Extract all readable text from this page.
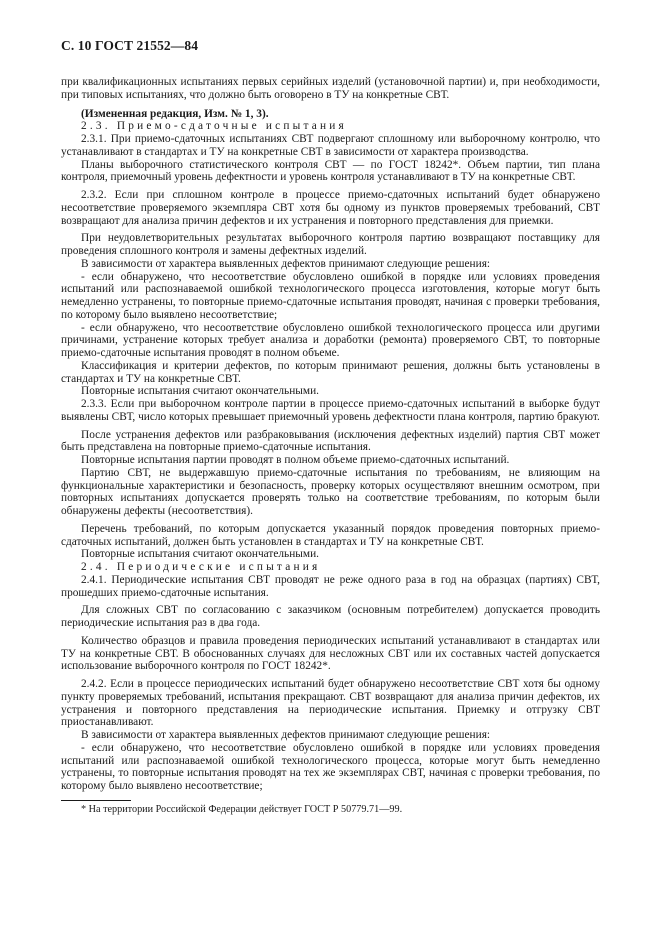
С. 10 ГОСТ 21552—84

при квалификационных испытаниях первых серийных изделий (установочной партии) и, при необходимости, при типовых испытаниях, что должно быть оговорено в ТУ на конкретные СВТ.

(Измененная редакция, Изм. № 1, 3).

2.3. Приемо-сдаточные испытания

2.3.1. При приемо-сдаточных испытаниях СВТ подвергают сплошному или выборочному контролю, что устанавливают в стандартах и ТУ на конкретные СВТ в зависимости от характера производства.

Планы выборочного статистического контроля СВТ — по ГОСТ 18242*. Объем партии, тип плана контроля, приемочный уровень дефектности и уровень контроля устанавливают в ТУ на конкретные СВТ.

2.3.2. Если при сплошном контроле в процессе приемо-сдаточных испытаний будет обнаружено несоответствие проверяемого экземпляра СВТ хотя бы одному из пунктов проверяемых требований, СВТ возвращают для анализа причин дефектов и их устранения и повторного представления для приемки.

При неудовлетворительных результатах выборочного контроля партию возвращают поставщику для проведения сплошного контроля и замены дефектных изделий.

В зависимости от характера выявленных дефектов принимают следующие решения:

- если обнаружено, что несоответствие обусловлено ошибкой в порядке или условиях проведения испытаний или распознаваемой ошибкой технологического процесса изготовления, которые могут быть немедленно устранены, то повторные приемо-сдаточные испытания проводят, начиная с проверки требования, по которому было выявлено несоответствие;

- если обнаружено, что несоответствие обусловлено ошибкой технологического процесса или другими причинами, устранение которых требует анализа и доработки (ремонта) проверяемого СВТ, то повторные приемо-сдаточные испытания проводят в полном объеме.

Классификация и критерии дефектов, по которым принимают решения, должны быть установлены в стандартах и ТУ на конкретные СВТ.

Повторные испытания считают окончательными.

2.3.3. Если при выборочном контроле партии в процессе приемо-сдаточных испытаний в выборке будут выявлены СВТ, число которых превышает приемочный уровень дефектности плана контроля, партию бракуют.

После устранения дефектов или разбраковывания (исключения дефектных изделий) партия СВТ может быть представлена на повторные приемо-сдаточные испытания.

Повторные испытания партии проводят в полном объеме приемо-сдаточных испытаний.

Партию СВТ, не выдержавшую приемо-сдаточные испытания по требованиям, не влияющим на функциональные характеристики и безопасность, проверку которых осуществляют внешним осмотром, при повторных испытаниях допускается проверять только на соответствие требованиям, по которым были обнаружены дефекты (несоответствия).

Перечень требований, по которым допускается указанный порядок проведения повторных приемо-сдаточных испытаний, должен быть установлен в стандартах и ТУ на конкретные СВТ.

Повторные испытания считают окончательными.

2.4. Периодические испытания

2.4.1. Периодические испытания СВТ проводят не реже одного раза в год на образцах (партиях) СВТ, прошедших приемо-сдаточные испытания.

Для сложных СВТ по согласованию с заказчиком (основным потребителем) допускается проводить периодические испытания раз в два года.

Количество образцов и правила проведения периодических испытаний устанавливают в стандартах или ТУ на конкретные СВТ. В обоснованных случаях для несложных СВТ или их составных частей допускается использование выборочного контроля по ГОСТ 18242*.

2.4.2. Если в процессе периодических испытаний будет обнаружено несоответствие СВТ хотя бы одному пункту проверяемых требований, испытания прекращают. СВТ возвращают для анализа причин дефектов, их устранения и повторного представления на периодические испытания. Приемку и отгрузку СВТ приостанавливают.

В зависимости от характера выявленных дефектов принимают следующие решения:

- если обнаружено, что несоответствие обусловлено ошибкой в порядке или условиях проведения испытаний или распознаваемой ошибкой технологического процесса, которые могут быть немедленно устранены, то повторные испытания проводят на тех же экземплярах СВТ, начиная с проверки требования, по которому было выявлено несоответствие;

* На территории Российской Федерации действует ГОСТ Р 50779.71—99.
